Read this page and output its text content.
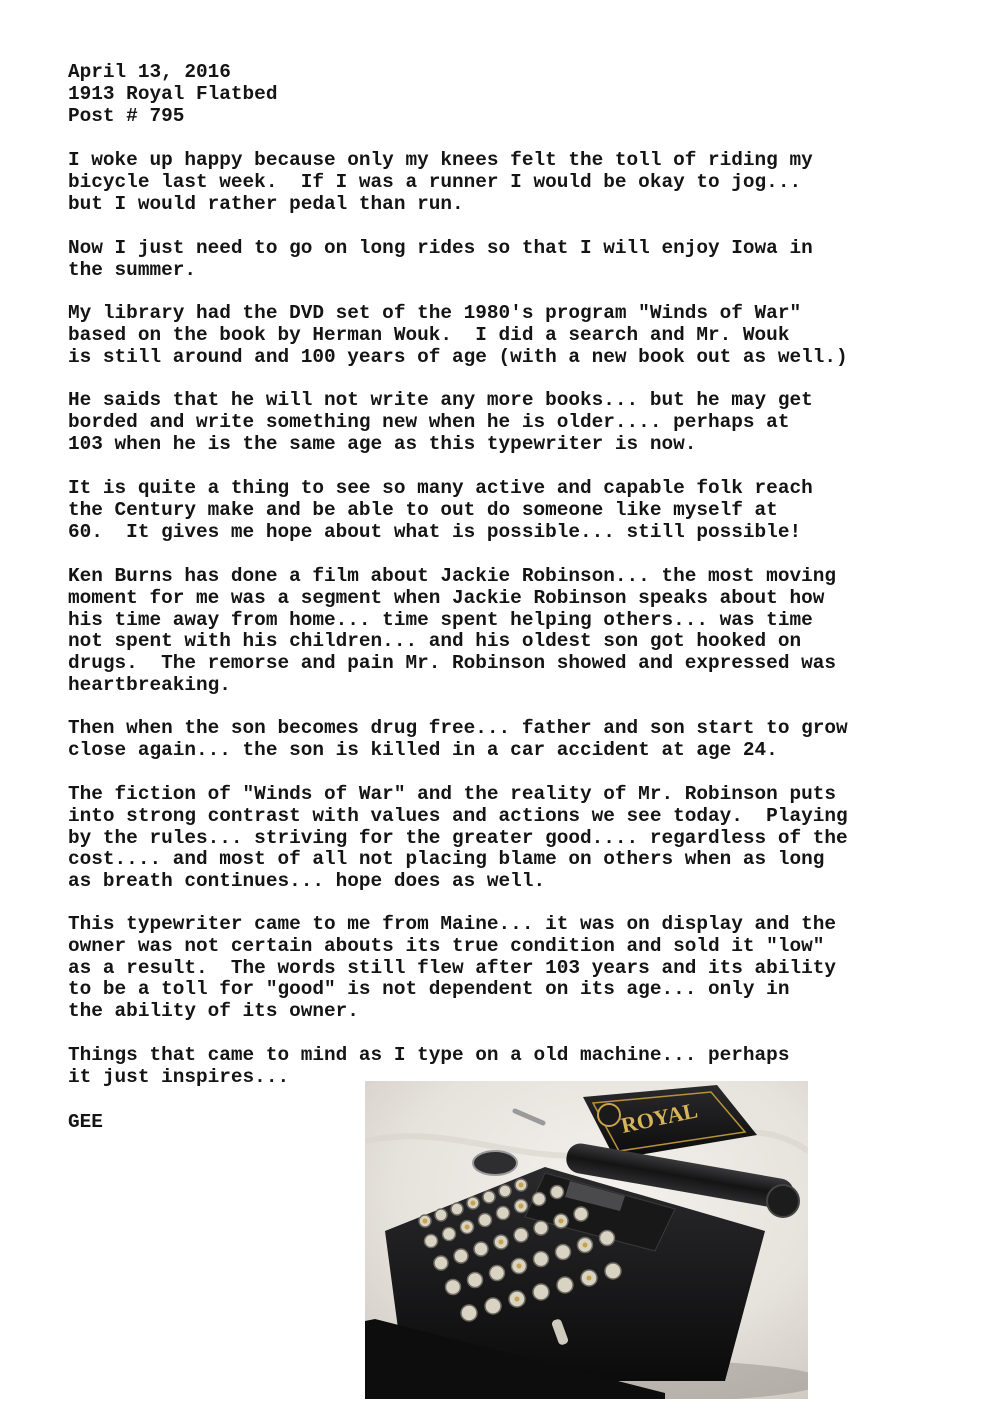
April 13, 2016

1913 Royal Flatbed

Post # 795

I woke up happy because only my knees felt the toll of riding my
bicycle last week.  If I was a runner I would be okay to jog...
but I would rather pedal than run.

Now I just need to go on long rides so that I will enjoy Iowa in
the summer.

My library had the DVD set of the 1980's program "Winds of War"
based on the book by Herman Wouk.  I did a search and Mr. Wouk
is still around and 100 years of age (with a new book out as well.)

He saids that he will not write any more books... but he may get
borded and write something new when he is older.... perhaps at
103 when he is the same age as this typewriter is now.

It is quite a thing to see so many active and capable folk reach
the Century make and be able to out do someone like myself at
60.  It gives me hope about what is possible... still possible!

Ken Burns has done a film about Jackie Robinson... the most moving
moment for me was a segment when Jackie Robinson speaks about how
his time away from home... time spent helping others... was time
not spent with his children... and his oldest son got hooked on
drugs.  The remorse and pain Mr. Robinson showed and expressed was
heartbreaking.

Then when the son becomes drug free... father and son start to grow
close again... the son is killed in a car accident at age 24.

The fiction of "Winds of War" and the reality of Mr. Robinson puts
into strong contrast with values and actions we see today.  Playing
by the rules... striving for the greater good.... regardless of the
cost.... and most of all not placing blame on others when as long
as breath continues... hope does as well.

This typewriter came to me from Maine... it was on display and the
owner was not certain abouts its true condition and sold it "low"
as a result.  The words still flew after 103 years and its ability
to be a toll for "good" is not dependent on its age... only in
the ability of its owner.

Things that came to mind as I type on a old machine... perhaps
it just inspires...

GEE	ROYAL
